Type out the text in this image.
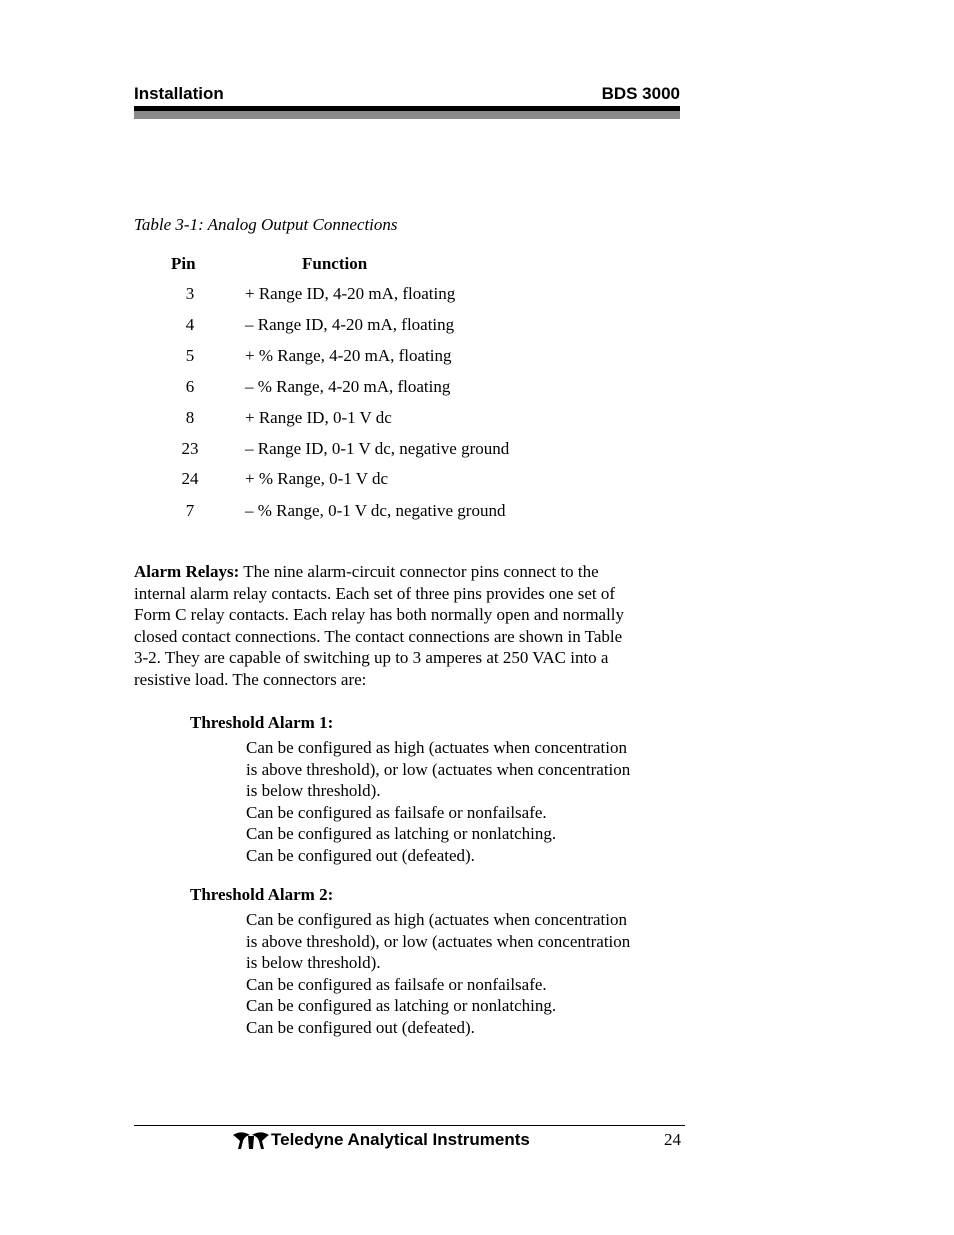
Installation	BDS 3000
Table 3-1: Analog Output Connections
Pin	Function
3	+ Range ID, 4-20 mA, floating
4	– Range ID, 4-20 mA, floating
5	+ % Range, 4-20 mA, floating
6	– % Range, 4-20 mA, floating
8	+ Range ID, 0-1 V dc
23	– Range ID, 0-1 V dc, negative ground
24	+ % Range, 0-1 V dc
7	– % Range, 0-1 V dc, negative ground
Alarm Relays: The nine alarm-circuit connector pins connect to the
internal alarm relay contacts. Each set of three pins provides one set of
Form C relay contacts. Each relay has both normally open and normally
closed contact connections. The contact connections are shown in Table
3-2. They are capable of switching up to 3 amperes at 250 VAC into a
resistive load. The connectors are:
Threshold Alarm 1:
Can be configured as high (actuates when concentration
is above threshold), or low (actuates when concentration
is below threshold).
Can be configured as failsafe or nonfailsafe.
Can be configured as latching or nonlatching.
Can be configured out (defeated).
Threshold Alarm 2:
Can be configured as high (actuates when concentration
is above threshold), or low (actuates when concentration
is below threshold).
Can be configured as failsafe or nonfailsafe.
Can be configured as latching or nonlatching.
Can be configured out (defeated).
Teledyne Analytical Instruments	24
